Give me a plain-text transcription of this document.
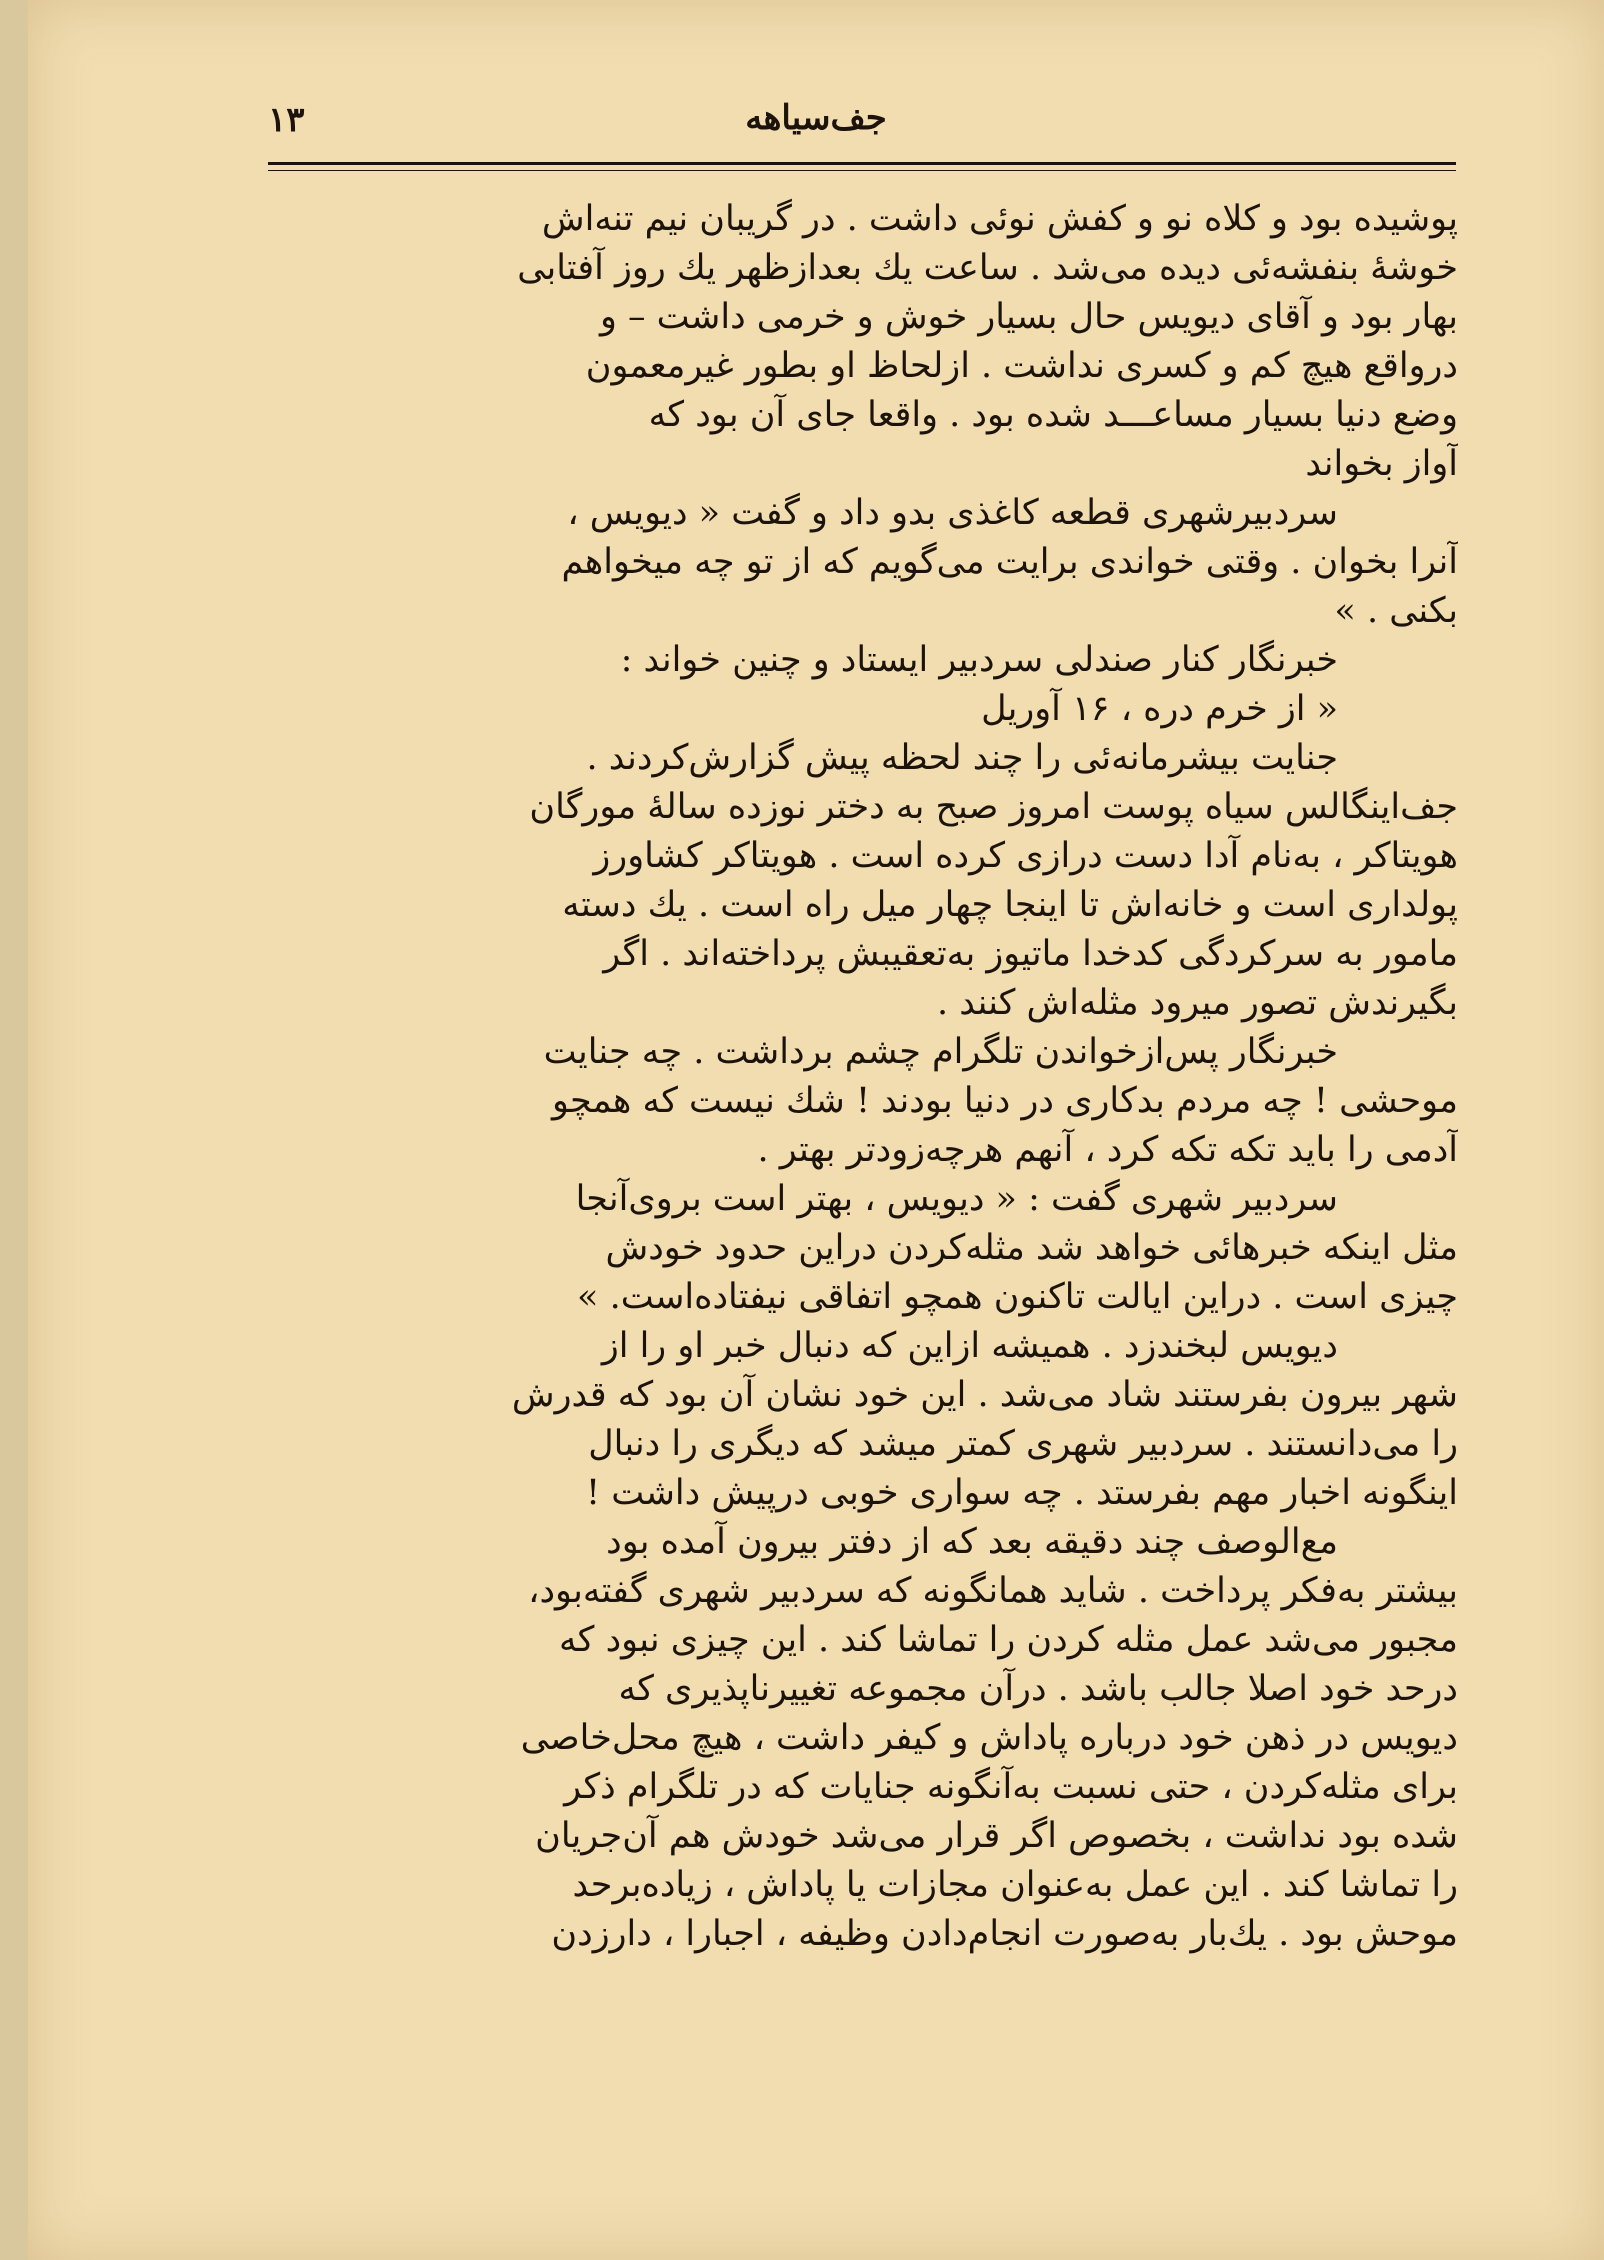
۱۳	جف‌سیاهه
پوشیده بود و کلاه نو و کفش نوئی داشت . در گریبان نیم تنه‌اش
خوشهٔ بنفشه‌ئی دیده می‌شد . ساعت یك بعدازظهر یك روز آفتابی
بهار بود و آقای دیویس حال بسیار خوش و خرمی داشت – و
درواقع هیچ کم و کسری نداشت . ازلحاظ او بطور غیرمعمون
وضع دنیا بسیار مساعـــد شده بود . واقعا جای آن بود که
آواز بخواند
سردبیرشهری قطعه کاغذی بدو داد و گفت « دیویس ،
آنرا بخوان . وقتی خواندی برایت می‌گویم که از تو چه میخواهم
بکنی . »
خبرنگار کنار صندلی سردبیر ایستاد و چنین خواند :
« از خرم دره ، ۱۶ آوریل
جنایت بیشرمانه‌ئی را چند لحظه پیش گزارش‌کردند .
جف‌اینگالس سیاه پوست امروز صبح به دختر نوزده سالهٔ مورگان
هویتاکر ، به‌نام آدا دست درازی کرده است . هویتاکر کشاورز
پولداری است و خانه‌اش تا اینجا چهار میل راه است . یك دسته
مامور به سرکردگی کدخدا ماتیوز به‌تعقیبش پرداخته‌اند . اگر
بگیرندش تصور میرود مثله‌اش کنند .
خبرنگار پس‌ازخواندن تلگرام چشم برداشت . چه جنایت
موحشی ! چه مردم بدکاری در دنیا بودند ! شك نیست که همچو
آدمی را باید تکه تکه کرد ، آنهم هرچه‌زودتر بهتر .
سردبیر شهری گفت : « دیویس ، بهتر است بروی‌آنجا
مثل اینکه خبرهائی خواهد شد مثله‌کردن دراین حدود خودش
چیزی است . دراین ایالت تاکنون همچو اتفاقی نیفتاده‌است. »
دیویس لبخندزد . همیشه ازاین که دنبال خبر او را از
شهر بیرون بفرستند شاد می‌شد . این خود نشان آن بود که قدرش
را می‌دانستند . سردبیر شهری کمتر میشد که دیگری را دنبال
اینگونه اخبار مهم بفرستد . چه سواری خوبی درپیش داشت !
مع‌الوصف چند دقیقه بعد که از دفتر بیرون آمده بود
بیشتر به‌فکر پرداخت . شاید همانگونه که سردبیر شهری گفته‌بود،
مجبور می‌شد عمل مثله کردن را تماشا کند . این چیزی نبود که
درحد خود اصلا جالب باشد . درآن مجموعه تغییرناپذیری که
دیویس در ذهن خود درباره پاداش و کیفر داشت ، هیچ محل‌خاصی
برای مثله‌کردن ، حتی نسبت به‌آنگونه جنایات که در تلگرام ذکر
شده بود نداشت ، بخصوص اگر قرار می‌شد خودش هم آن‌جریان
را تماشا کند . این عمل به‌عنوان مجازات یا پاداش ، زیاده‌برحد
موحش بود . یك‌بار به‌صورت انجام‌دادن وظیفه ، اجبارا ، دارزدن
